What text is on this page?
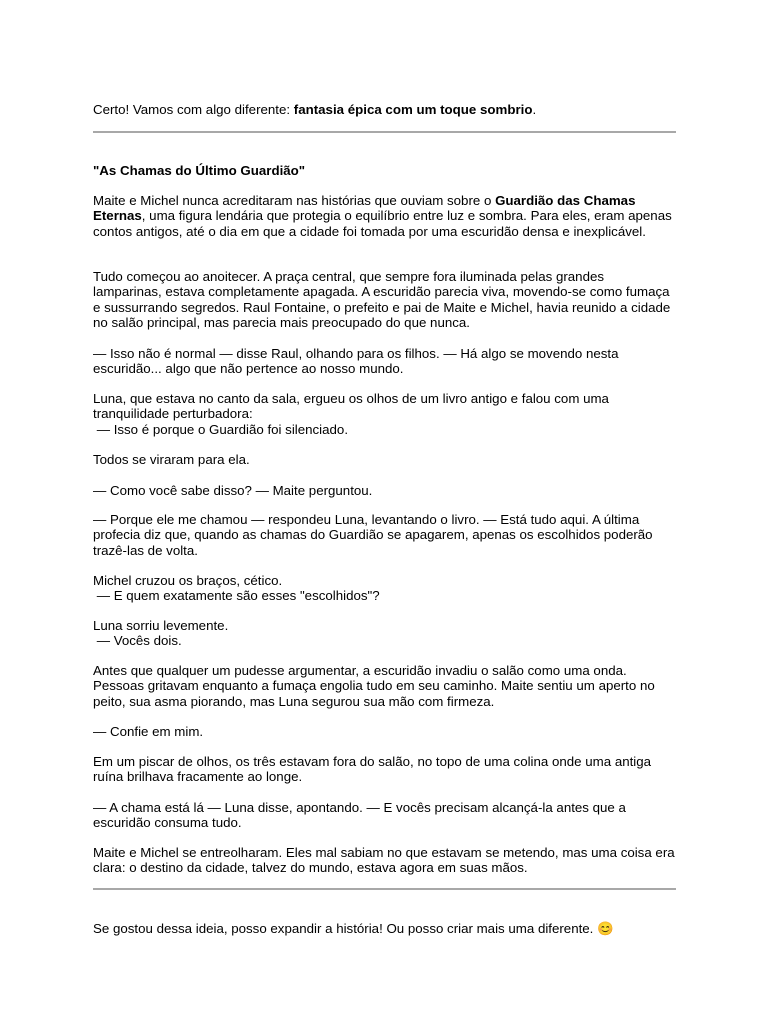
Certo! Vamos com algo diferente: fantasia épica com um toque sombrio.

"As Chamas do Último Guardião"

Maite e Michel nunca acreditaram nas histórias que ouviam sobre o Guardião das Chamas Eternas, uma figura lendária que protegia o equilíbrio entre luz e sombra. Para eles, eram apenas contos antigos, até o dia em que a cidade foi tomada por uma escuridão densa e inexplicável.

Tudo começou ao anoitecer. A praça central, que sempre fora iluminada pelas grandes lamparinas, estava completamente apagada. A escuridão parecia viva, movendo-se como fumaça e sussurrando segredos. Raul Fontaine, o prefeito e pai de Maite e Michel, havia reunido a cidade no salão principal, mas parecia mais preocupado do que nunca.

— Isso não é normal — disse Raul, olhando para os filhos. — Há algo se movendo nesta escuridão... algo que não pertence ao nosso mundo.

Luna, que estava no canto da sala, ergueu os olhos de um livro antigo e falou com uma tranquilidade perturbadora:
— Isso é porque o Guardião foi silenciado.

Todos se viraram para ela.

— Como você sabe disso? — Maite perguntou.

— Porque ele me chamou — respondeu Luna, levantando o livro. — Está tudo aqui. A última profecia diz que, quando as chamas do Guardião se apagarem, apenas os escolhidos poderão trazê-las de volta.

Michel cruzou os braços, cético.
— E quem exatamente são esses "escolhidos"?

Luna sorriu levemente.
— Vocês dois.

Antes que qualquer um pudesse argumentar, a escuridão invadiu o salão como uma onda. Pessoas gritavam enquanto a fumaça engolia tudo em seu caminho. Maite sentiu um aperto no peito, sua asma piorando, mas Luna segurou sua mão com firmeza.

— Confie em mim.

Em um piscar de olhos, os três estavam fora do salão, no topo de uma colina onde uma antiga ruína brilhava fracamente ao longe.

— A chama está lá — Luna disse, apontando. — E vocês precisam alcançá-la antes que a escuridão consuma tudo.

Maite e Michel se entreolharam. Eles mal sabiam no que estavam se metendo, mas uma coisa era clara: o destino da cidade, talvez do mundo, estava agora em suas mãos.

Se gostou dessa ideia, posso expandir a história! Ou posso criar mais uma diferente. 😊
